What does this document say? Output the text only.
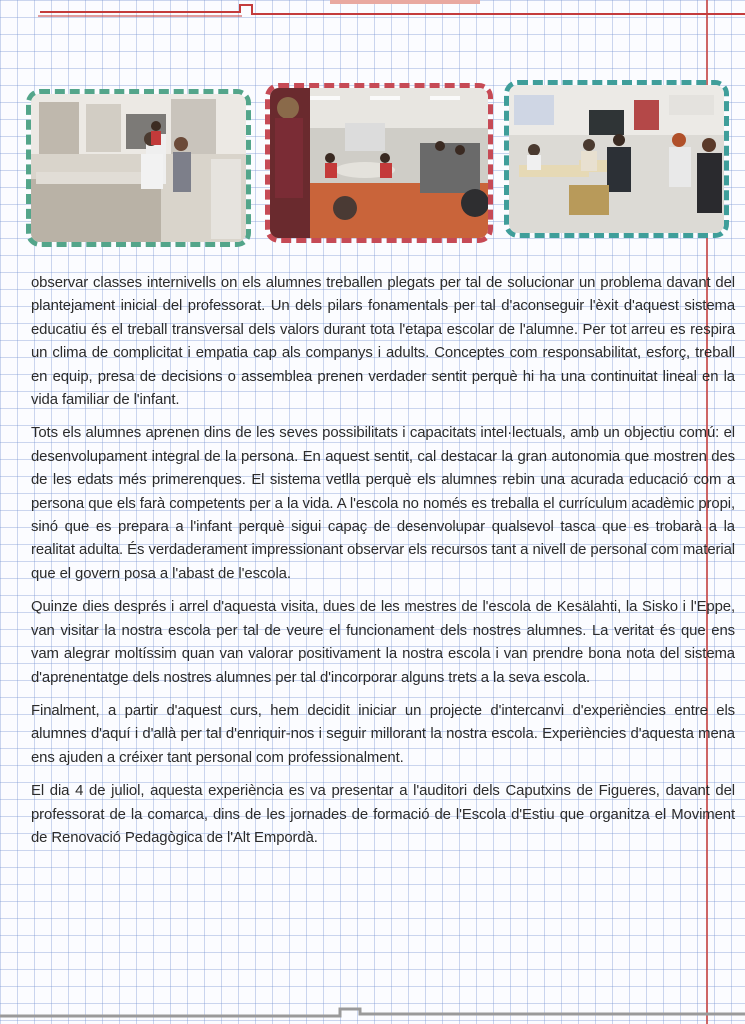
observar classes internivells on els alumnes treballen plegats per tal de solucionar un problema davant del plantejament inicial del professorat. Un dels pilars fonamentals per tal d'aconseguir l'èxit d'aquest sistema educatiu és el treball transversal dels valors durant tota l'etapa escolar de l'alumne. Per tot arreu es respira un clima de complicitat i empatia cap als companys i adults. Conceptes com responsabilitat, esforç, treball en equip, presa de decisions o assemblea prenen verdader sentit perquè hi ha una continuitat lineal en la vida familiar de l'infant.

Tots els alumnes aprenen dins de les seves possibilitats i capacitats intel·lectuals, amb un objectiu comú: el desenvolupament integral de la persona. En aquest sentit, cal destacar la gran autonomia que mostren des de les edats més primerenques. El sistema vetlla perquè els alumnes rebin una acurada educació com a persona que els farà competents per a la vida. A l'escola no només es treballa el currículum acadèmic propi, sinó que es prepara a l'infant perquè sigui capaç de desenvolupar qualsevol tasca que es trobarà a la realitat adulta. És verdaderament impressionant observar els recursos tant a nivell de personal com material que el govern posa a l'abast de l'escola.

Quinze dies després i arrel d'aquesta visita, dues de les mestres de l'escola de Kesälahti, la Sisko i l'Eppe, van visitar la nostra escola per tal de veure el funcionament dels nostres alumnes. La veritat és que ens vam alegrar moltíssim quan van valorar positivament la nostra escola i van prendre bona nota del sistema d'aprenentatge dels nostres alumnes per tal d'incorporar alguns trets a la seva escola.

Finalment, a partir d'aquest curs, hem decidit iniciar un projecte d'intercanvi d'experiències entre els alumnes d'aquí i d'allà per tal d'enriquir-nos i seguir millorant la nostra escola. Experiències d'aquesta mena ens ajuden a créixer tant personal com professionalment.

El dia 4 de juliol, aquesta experiència es va presentar a l'auditori dels Caputxins de Figueres, davant del professorat de la comarca, dins de les jornades de formació de l'Escola d'Estiu que organitza el Moviment de Renovació Pedagògica de l'Alt Empordà.
